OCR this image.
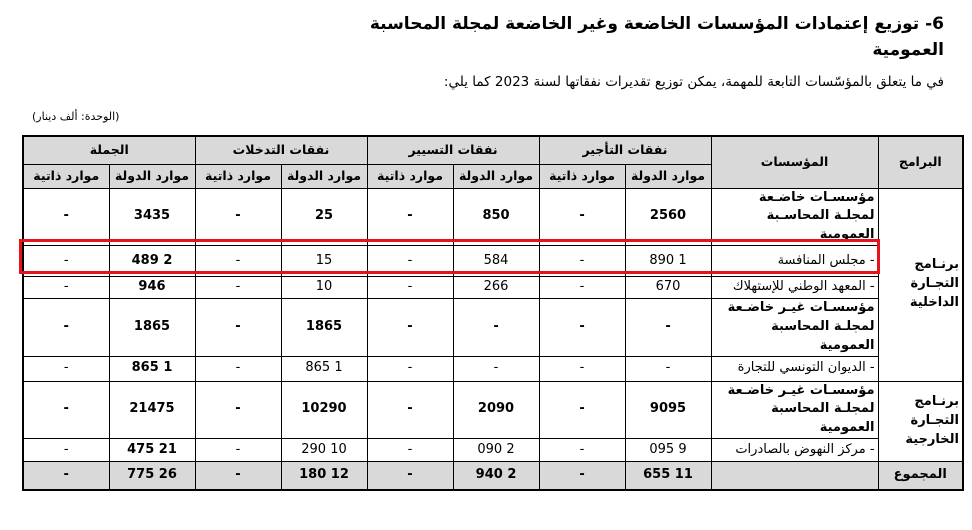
6- توزيع إعتمادات المؤسسات الخاضعة وغير الخاضعة لمجلة المحاسبة العمومية
في ما يتعلق بالمؤسّسات التابعة للمهمة، يمكن توزيع تقديرات نفقاتها لسنة 2023 كما يلي:
(الوحدة: ألف دينار)
البرامج	المؤسسات	نفقات التأجير		نفقات التسيير		نفقات التدخلات		الجملة	
		موارد الدولة	موارد ذاتية	موارد الدولة	موارد ذاتية	موارد الدولة	موارد ذاتية	موارد الدولة	موارد ذاتية
برنـامج التجـارة الداخلية	مؤسسـات خاضـعة لمجلـة المحاسـبة العمومية	2560	-	850	-	25	-	3435	-
	- مجلس المنافسة	1 890	-	584	-	15	-	2 489	-
	- المعهد الوطني للإستهلاك	670	-	266	-	10	-	946	-
	مؤسسـات غيـر خاضـعة لمجلـة المحاسبة العمومية	-	-	-	-	1865	-	1865	-
	- الديوان التونسي للتجارة	-	-	-	-	1 865	-	1 865	-
برنـامج التجـارة الخارجية	مؤسسـات غيـر خاضـعة لمجلـة المحاسبة العمومية	9095	-	2090	-	10290	-	21475	-
	- مركز النهوض بالصادرات	9 095	-	2 090	-	10 290	-	21 475	-
المجموع		11 655	-	2 940	-	12 180	-	26 775	-
